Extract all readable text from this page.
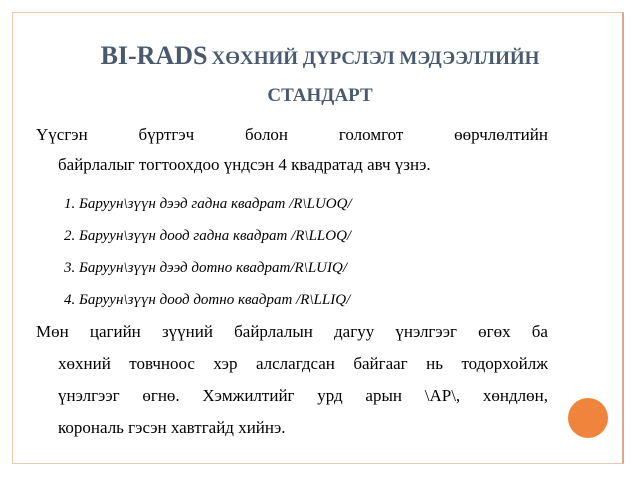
BI-RADS ХӨХНИЙ ДҮРСЛЭЛ МЭДЭЭЛЛИЙН
СТАНДАРТ
Үүсгэн	бүртгэч	болон	голомгот	өөрчлөлтийн
байрлалыг тогтоохдоо үндсэн 4 квадратад авч үзнэ.
1. Баруун\зүүн дээд гадна квадрат /R\LUOQ/
2. Баруун\зүүн доод гадна квадрат /R\LLOQ/
3. Баруун\зүүн дээд дотно квадрат/R\LUIQ/
4. Баруун\зүүн доод дотно квадрат /R\LLIQ/
Мөн цагийн зүүний байрлалын дагуу үнэлгээг өгөх ба
хөхний товчноос хэр алслагдсан байгааг нь тодорхойлж
үнэлгээг өгнө. Хэмжилтийг урд арын \AP\, хөндлөн,
корональ гэсэн хавтгайд хийнэ.
